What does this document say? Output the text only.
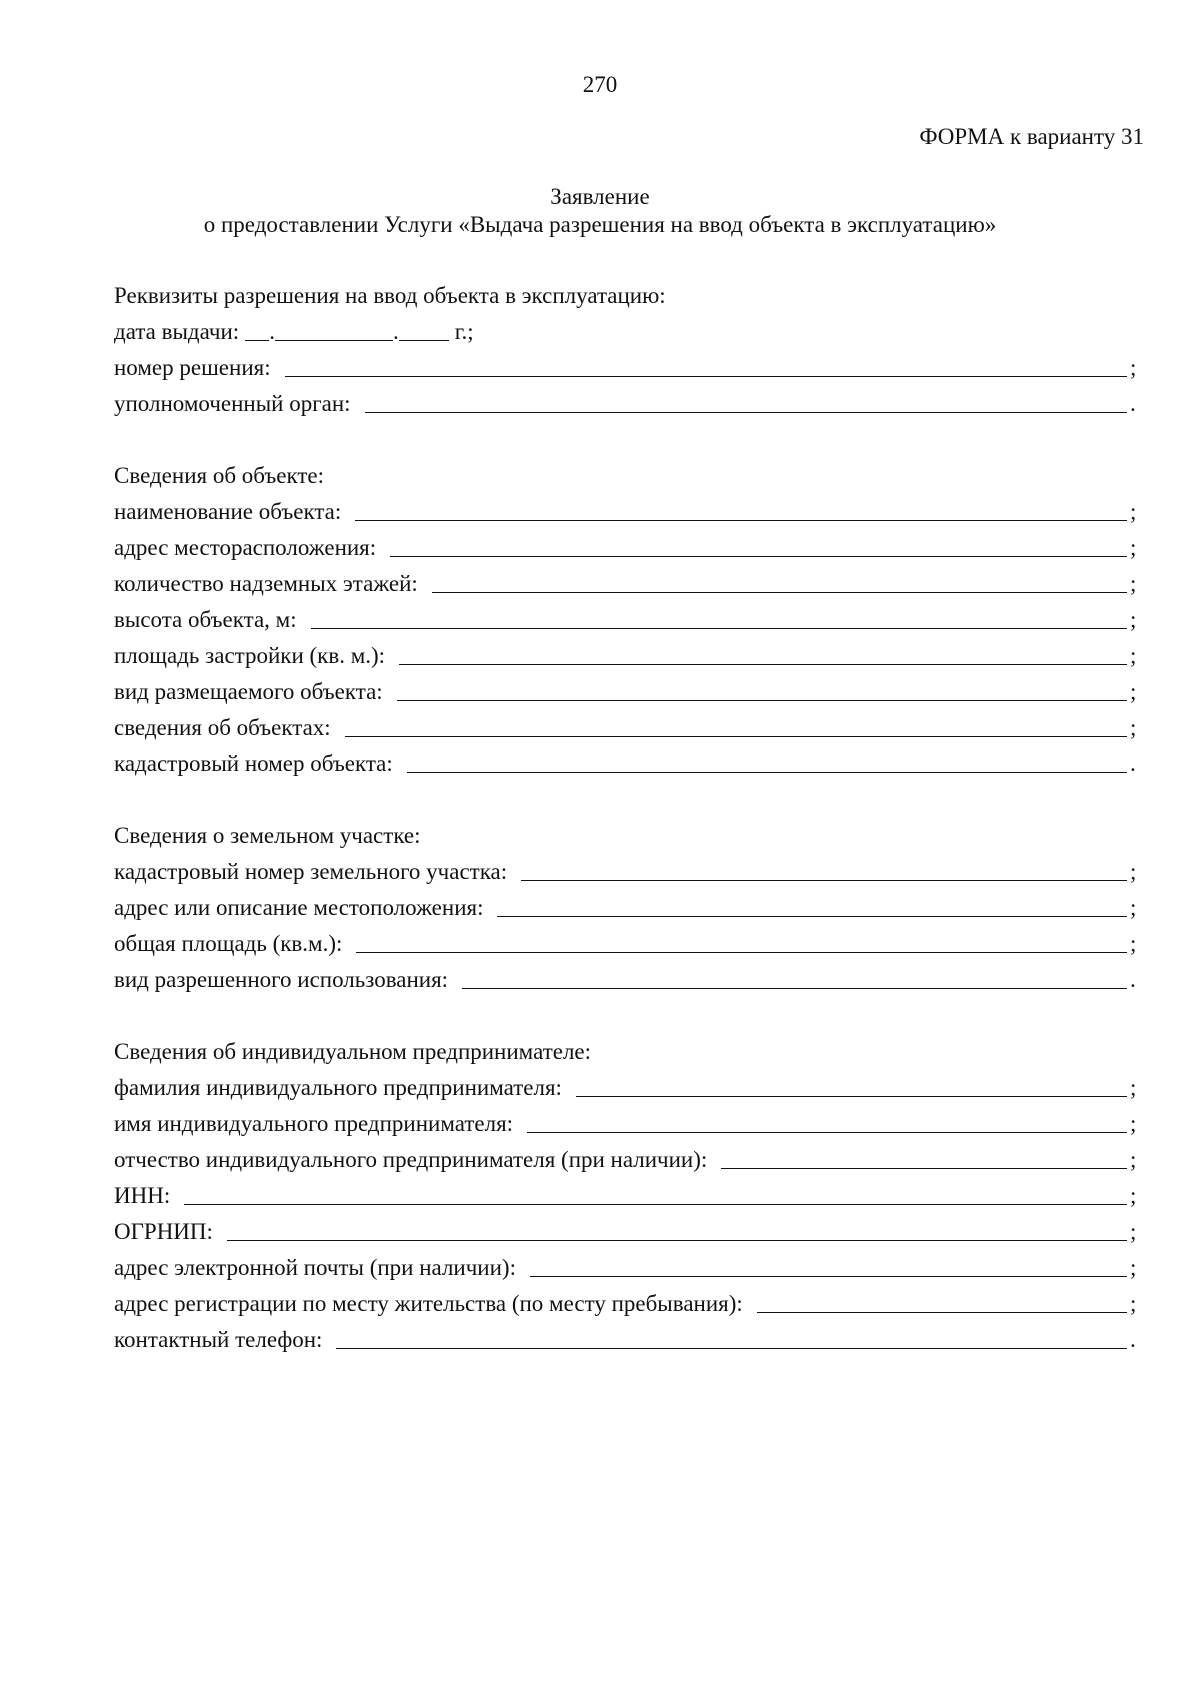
270
ФОРМА к варианту 31
Заявление
о предоставлении Услуги «Выдача разрешения на ввод объекта в эксплуатацию»
Реквизиты разрешения на ввод объекта в эксплуатацию:
дата выдачи: .	. г.;
номер решения:	;
уполномоченный орган:	.
Сведения об объекте:
наименование объекта:	;
адрес месторасположения:	;
количество надземных этажей:	;
высота объекта, м:	;
площадь застройки (кв. м.):	;
вид размещаемого объекта:	;
сведения об объектах:	;
кадастровый номер объекта:	.
Сведения о земельном участке:
кадастровый номер земельного участка:	;
адрес или описание местоположения:	;
общая площадь (кв.м.):	;
вид разрешенного использования:	.
Сведения об индивидуальном предпринимателе:
фамилия индивидуального предпринимателя:	;
имя индивидуального предпринимателя:	;
отчество индивидуального предпринимателя (при наличии):	;
ИНН:	;
ОГРНИП:	;
адрес электронной почты (при наличии):	;
адрес регистрации по месту жительства (по месту пребывания):	;
контактный телефон:	.
